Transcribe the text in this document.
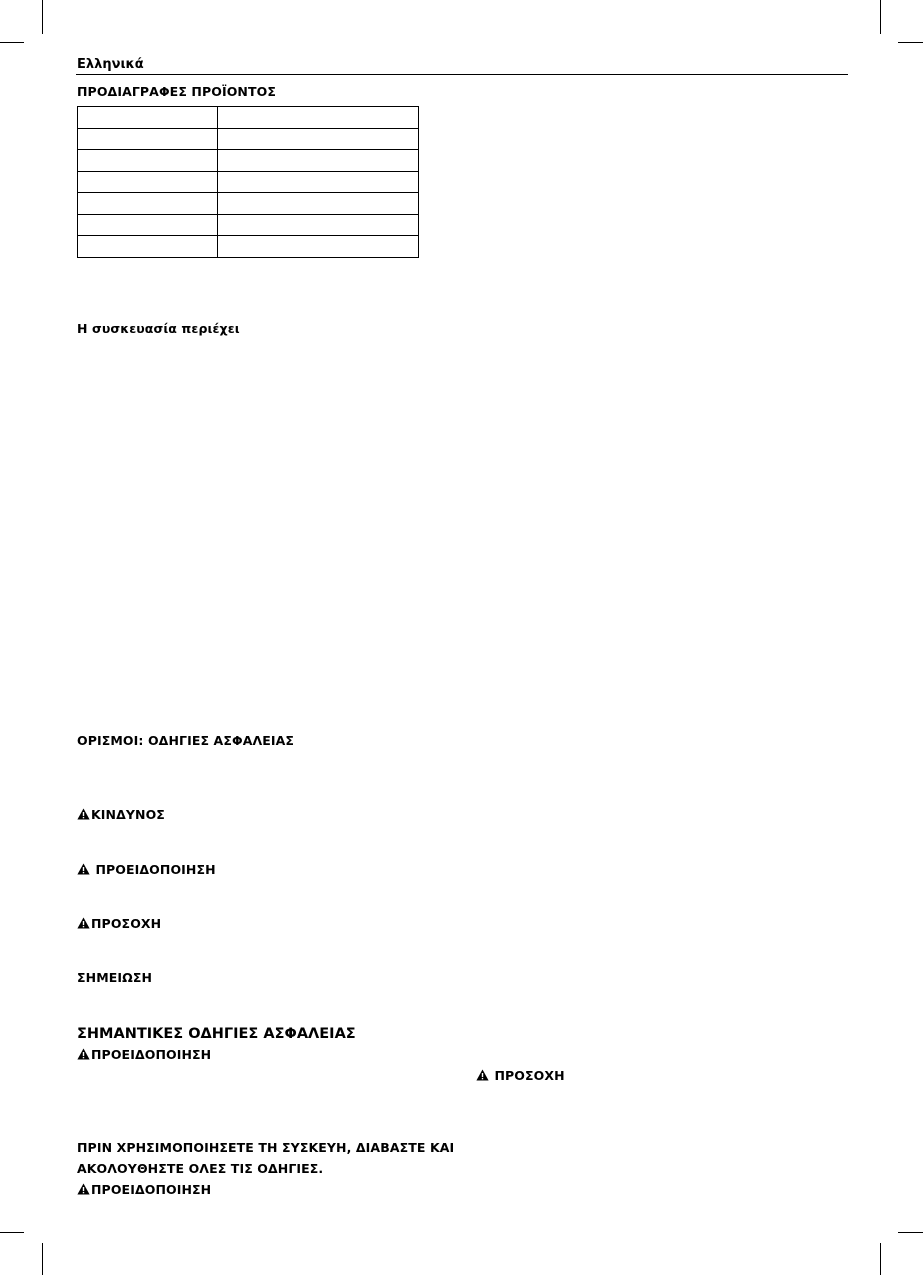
Ελληνικά
ΠΡΟΔΙΑΓΡΑΦΕΣ ΠΡΟΪΟΝΤΟΣ

Η συσκευασία περιέχει
ΟΡΙΣΜΟΙ: ΟΔΗΓΙΕΣ ΑΣΦΑΛΕΙΑΣ
ΚΙΝΔΥΝΟΣ
ΠΡΟΕΙΔΟΠΟΙΗΣΗ
ΠΡΟΣΟΧΗ
ΣΗΜΕΙΩΣΗ
ΣΗΜΑΝΤΙΚΕΣ ΟΔΗΓΙΕΣ ΑΣΦΑΛΕΙΑΣ
ΠΡΟΕΙΔΟΠΟΙΗΣΗ
ΠΡΟΣΟΧΗ
ΠΡΙΝ ΧΡΗΣΙΜΟΠΟΙΗΣΕΤΕ ΤΗ ΣΥΣΚΕΥΗ, ΔΙΑΒΑΣΤΕ ΚΑΙ
ΑΚΟΛΟΥΘΗΣΤΕ ΟΛΕΣ ΤΙΣ ΟΔΗΓΙΕΣ.
ΠΡΟΕΙΔΟΠΟΙΗΣΗ
